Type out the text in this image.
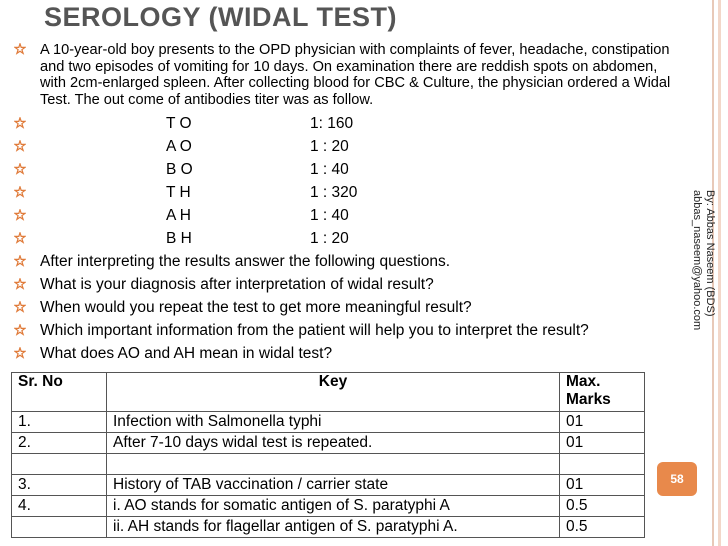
SEROLOGY (WIDAL TEST)
A 10-year-old boy presents to the OPD physician with complaints of fever, headache, constipation and two episodes of vomiting for 10 days. On examination there are reddish spots on abdomen, with 2cm-enlarged spleen. After collecting blood for CBC & Culture, the physician ordered a Widal Test. The out come of antibodies titer was as follow.
T O	1: 160
A O	1 : 20
B O	1 : 40
T H	1 : 320
A H	1 : 40
B H	1 : 20
After interpreting the results answer the following questions.
What is your diagnosis after interpretation of widal result?
When would you repeat the test to get more meaningful result?
Which important information from the patient will help you to interpret the result?
What does AO and AH mean in widal test?
By: Abbas Naseem (BDS)
abbas_naseem@yahoo.com
Sr. No	Key	Max. Marks
1.	Infection with Salmonella typhi	01
2.	After 7-10 days widal test is repeated.	01

3.	History of TAB vaccination / carrier state	01
4.	i. AO stands for somatic antigen of S. paratyphi A	0.5
	ii. AH stands for flagellar antigen of S. paratyphi A.	0.5
58
